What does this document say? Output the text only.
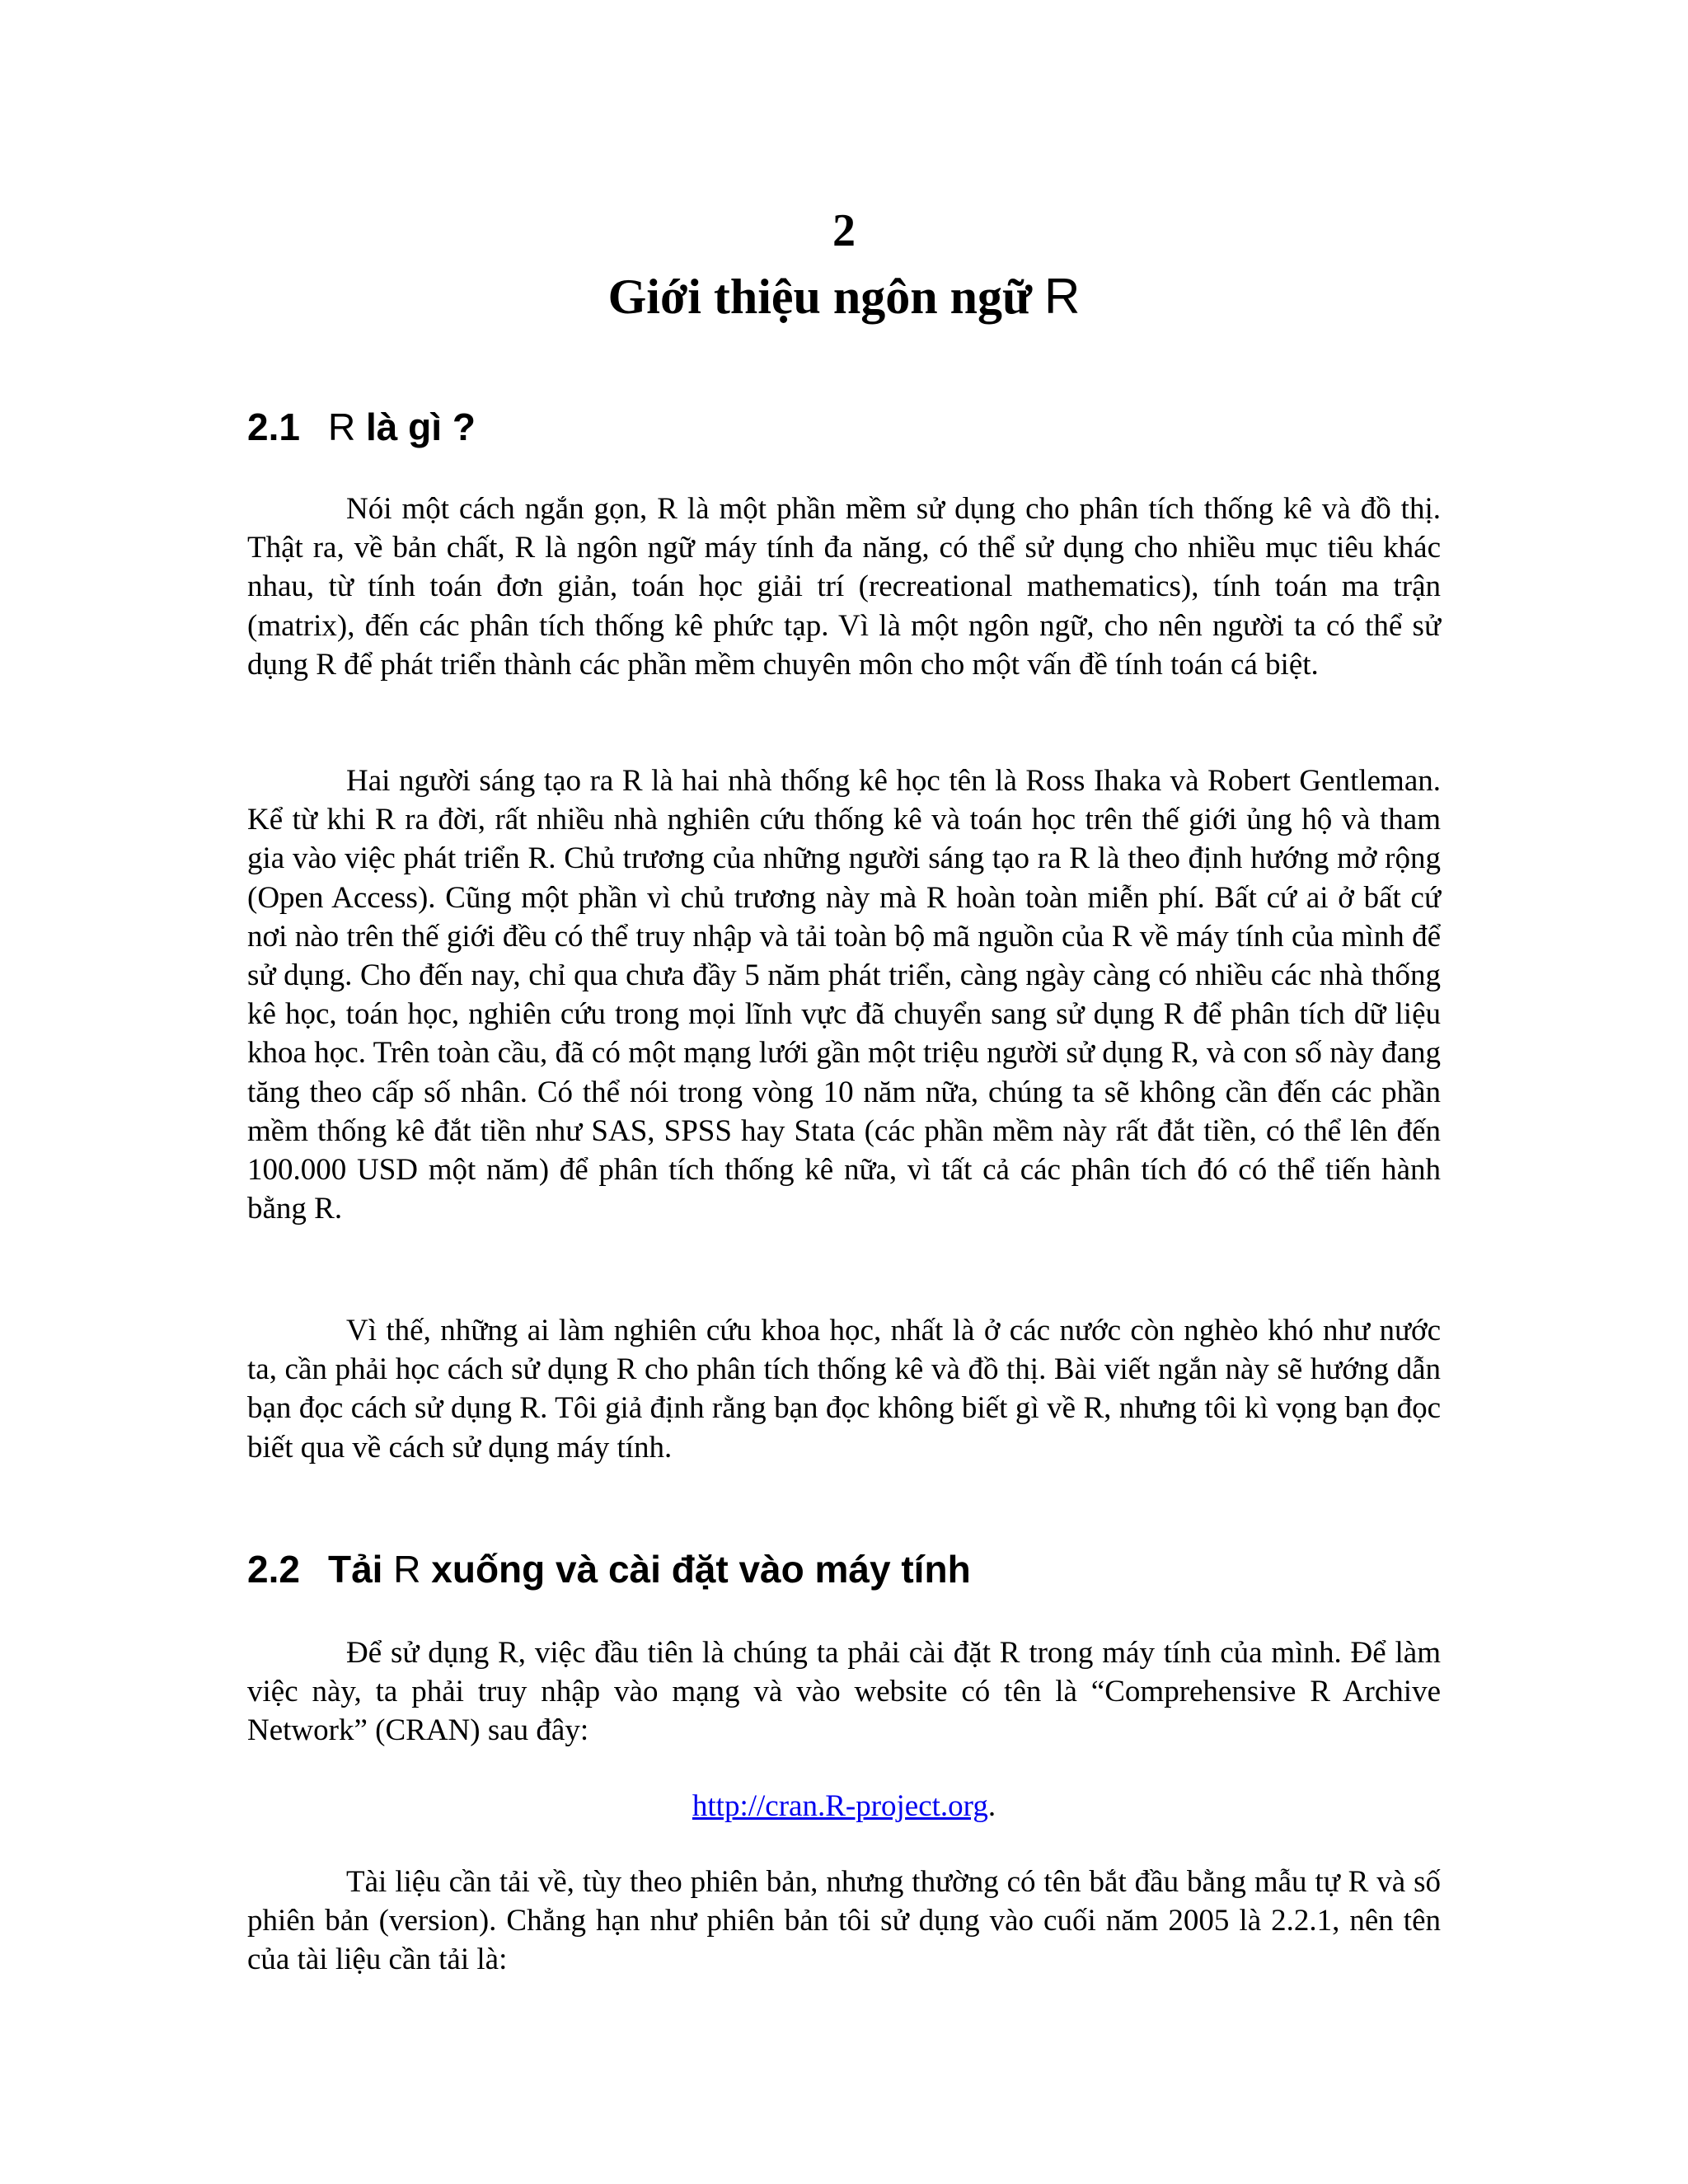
2
Giới thiệu ngôn ngữ R
2.1 R là gì ?

Nói một cách ngắn gọn, R là một phần mềm sử dụng cho phân tích thống kê và đồ thị. Thật ra, về bản chất, R là ngôn ngữ máy tính đa năng, có thể sử dụng cho nhiều mục tiêu khác nhau, từ tính toán đơn giản, toán học giải trí (recreational mathematics), tính toán ma trận (matrix), đến các phân tích thống kê phức tạp. Vì là một ngôn ngữ, cho nên người ta có thể sử dụng R để phát triển thành các phần mềm chuyên môn cho một vấn đề tính toán cá biệt.

Hai người sáng tạo ra R là hai nhà thống kê học tên là Ross Ihaka và Robert Gentleman. Kể từ khi R ra đời, rất nhiều nhà nghiên cứu thống kê và toán học trên thế giới ủng hộ và tham gia vào việc phát triển R. Chủ trương của những người sáng tạo ra R là theo định hướng mở rộng (Open Access). Cũng một phần vì chủ trương này mà R hoàn toàn miễn phí. Bất cứ ai ở bất cứ nơi nào trên thế giới đều có thể truy nhập và tải toàn bộ mã nguồn của R về máy tính của mình để sử dụng. Cho đến nay, chỉ qua chưa đầy 5 năm phát triển, càng ngày càng có nhiều các nhà thống kê học, toán học, nghiên cứu trong mọi lĩnh vực đã chuyển sang sử dụng R để phân tích dữ liệu khoa học. Trên toàn cầu, đã có một mạng lưới gần một triệu người sử dụng R, và con số này đang tăng theo cấp số nhân. Có thể nói trong vòng 10 năm nữa, chúng ta sẽ không cần đến các phần mềm thống kê đắt tiền như SAS, SPSS hay Stata (các phần mềm này rất đắt tiền, có thể lên đến 100.000 USD một năm) để phân tích thống kê nữa, vì tất cả các phân tích đó có thể tiến hành bằng R.

Vì thế, những ai làm nghiên cứu khoa học, nhất là ở các nước còn nghèo khó như nước ta, cần phải học cách sử dụng R cho phân tích thống kê và đồ thị. Bài viết ngắn này sẽ hướng dẫn bạn đọc cách sử dụng R. Tôi giả định rằng bạn đọc không biết gì về R, nhưng tôi kì vọng bạn đọc biết qua về cách sử dụng máy tính.

2.2 Tải R xuống và cài đặt vào máy tính

Để sử dụng R, việc đầu tiên là chúng ta phải cài đặt R trong máy tính của mình. Để làm việc này, ta phải truy nhập vào mạng và vào website có tên là “Comprehensive R Archive Network” (CRAN) sau đây:

http://cran.R-project.org.

Tài liệu cần tải về, tùy theo phiên bản, nhưng thường có tên bắt đầu bằng mẫu tự R và số phiên bản (version). Chẳng hạn như phiên bản tôi sử dụng vào cuối năm 2005 là 2.2.1, nên tên của tài liệu cần tải là:
